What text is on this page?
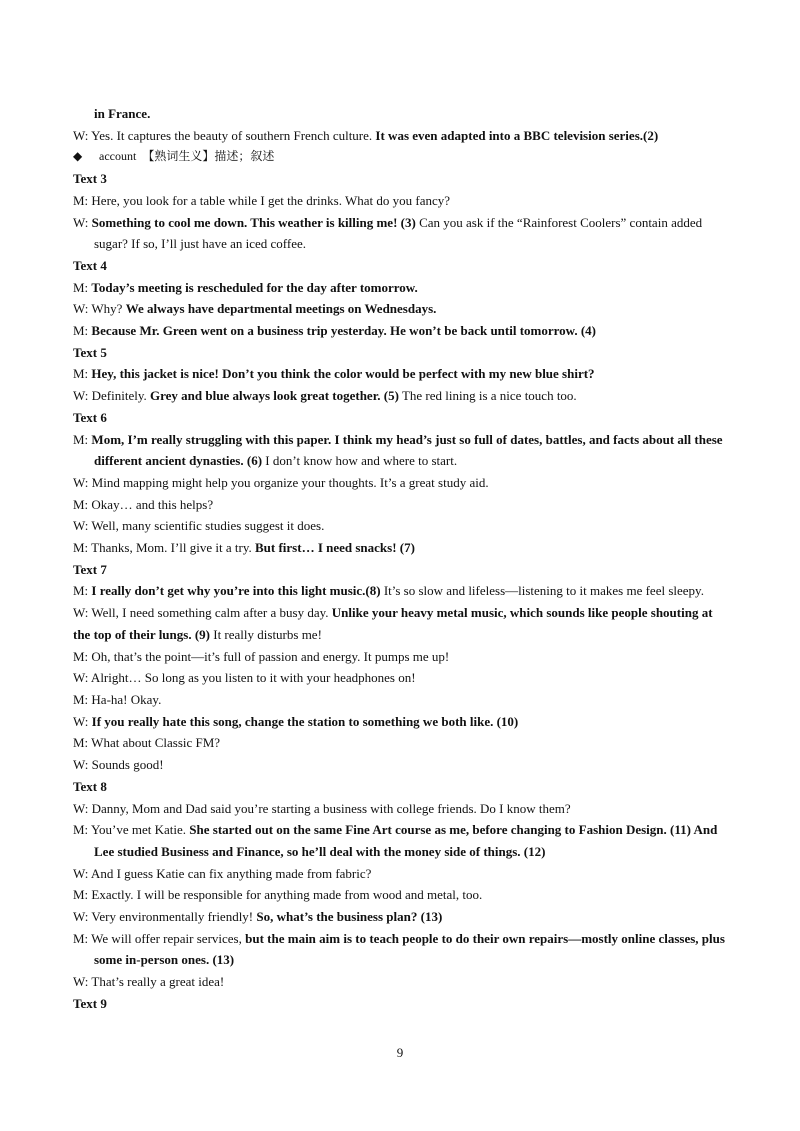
in France.
W: Yes. It captures the beauty of southern French culture. It was even adapted into a BBC television series.(2)
◆ account 【熟词生义】描述；叙述
Text 3
M: Here, you look for a table while I get the drinks. What do you fancy?
W: Something to cool me down. This weather is killing me! (3) Can you ask if the “Rainforest Coolers” contain added sugar? If so, I’ll just have an iced coffee.
Text 4
M: Today’s meeting is rescheduled for the day after tomorrow.
W: Why? We always have departmental meetings on Wednesdays.
M: Because Mr. Green went on a business trip yesterday. He won’t be back until tomorrow. (4)
Text 5
M: Hey, this jacket is nice! Don’t you think the color would be perfect with my new blue shirt?
W: Definitely. Grey and blue always look great together. (5) The red lining is a nice touch too.
Text 6
M: Mom, I’m really struggling with this paper. I think my head’s just so full of dates, battles, and facts about all these different ancient dynasties. (6) I don’t know how and where to start.
W: Mind mapping might help you organize your thoughts. It’s a great study aid.
M: Okay… and this helps?
W: Well, many scientific studies suggest it does.
M: Thanks, Mom. I’ll give it a try. But first… I need snacks! (7)
Text 7
M: I really don’t get why you’re into this light music.(8) It’s so slow and lifeless—listening to it makes me feel sleepy.
W: Well, I need something calm after a busy day. Unlike your heavy metal music, which sounds like people shouting at the top of their lungs. (9) It really disturbs me!
M: Oh, that’s the point—it’s full of passion and energy. It pumps me up!
W: Alright… So long as you listen to it with your headphones on!
M: Ha-ha! Okay.
W: If you really hate this song, change the station to something we both like. (10)
M: What about Classic FM?
W: Sounds good!
Text 8
W: Danny, Mom and Dad said you’re starting a business with college friends. Do I know them?
M: You’ve met Katie. She started out on the same Fine Art course as me, before changing to Fashion Design. (11) And Lee studied Business and Finance, so he’ll deal with the money side of things. (12)
W: And I guess Katie can fix anything made from fabric?
M: Exactly. I will be responsible for anything made from wood and metal, too.
W: Very environmentally friendly! So, what’s the business plan? (13)
M: We will offer repair services, but the main aim is to teach people to do their own repairs—mostly online classes, plus some in-person ones. (13)
W: That’s really a great idea!
Text 9
9
